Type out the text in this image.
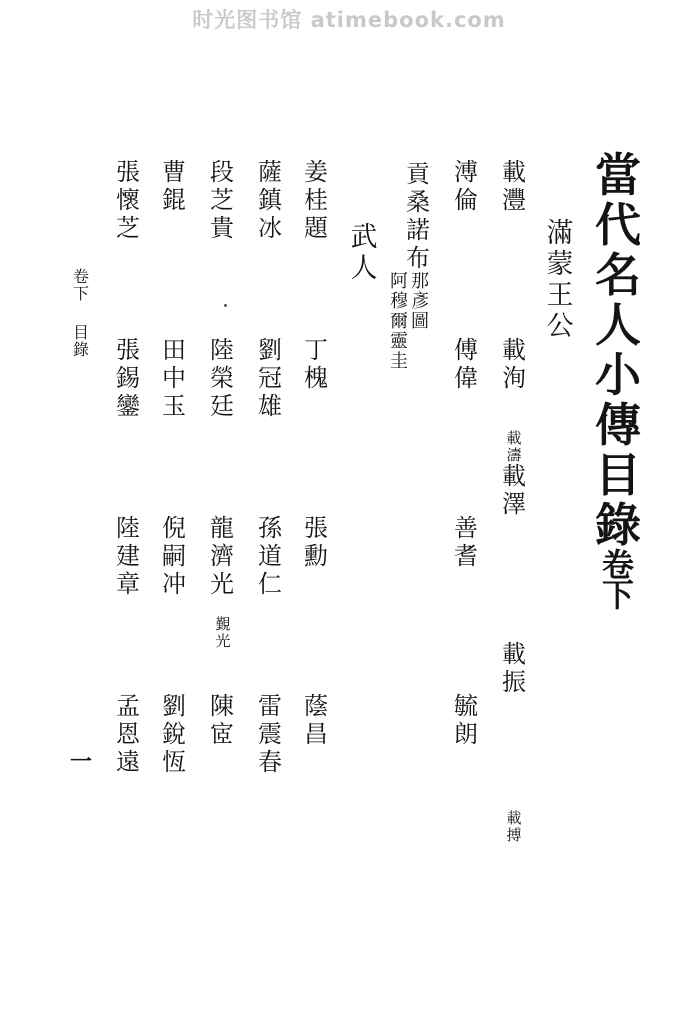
时光图书馆 atimebook.com
當
代
名
人
小
傳
目
錄
卷
下
滿
蒙
王
公
載
灃
載
洵
載
澤
載
振
載
濤
載
搏
溥
倫
傅
偉
善
耆
毓
朗
貢
桑
諾
布
那
彥
圖
阿
穆
爾
靈
圭
武
人
姜
桂
題
丁
槐
張
勳
蔭
昌
薩
鎮
冰
劉
冠
雄
孫
道
仁
雷
震
春
段
芝
貴
陸
榮
廷
龍
濟
光
陳
宧
覲
光
曹
錕
田
中
玉
倪
嗣
冲
劉
銳
恆
張
懷
芝
張
錫
鑾
陸
建
章
孟
恩
遠
卷
下
目
錄
一
